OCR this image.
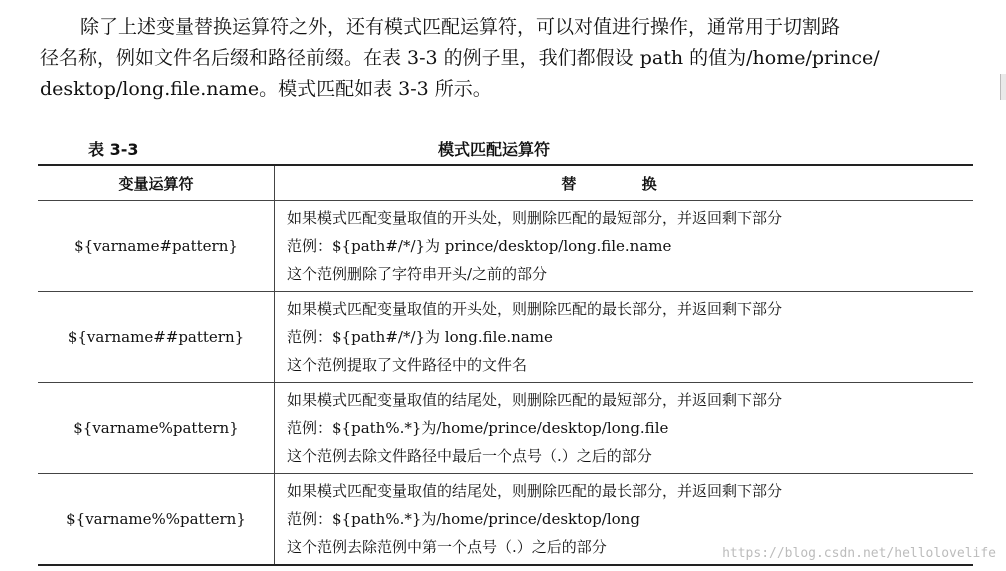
除了上述变量替换运算符之外，还有模式匹配运算符，可以对值进行操作，通常用于切割路

径名称，例如文件名后缀和路径前缀。在表 3-3 的例子里，我们都假设 path 的值为/home/prince/

desktop/long.file.name。模式匹配如表 3-3 所示。

表 3-3	模式匹配运算符
变量运算符	替 换
${varname#pattern}	如果模式匹配变量取值的开头处，则删除匹配的最短部分，并返回剩下部分
范例：${path#/*/}为 prince/desktop/long.file.name
这个范例删除了字符串开头/之前的部分

${varname##pattern}	如果模式匹配变量取值的开头处，则删除匹配的最长部分，并返回剩下部分
范例：${path#/*/}为 long.file.name
这个范例提取了文件路径中的文件名

${varname%pattern}	如果模式匹配变量取值的结尾处，则删除匹配的最短部分，并返回剩下部分
范例：${path%.*}为/home/prince/desktop/long.file
这个范例去除文件路径中最后一个点号（.）之后的部分

${varname%%pattern}	如果模式匹配变量取值的结尾处，则删除匹配的最长部分，并返回剩下部分
范例：${path%.*}为/home/prince/desktop/long
这个范例去除范例中第一个点号（.）之后的部分	https://blog.csdn.net/hellolovelife
